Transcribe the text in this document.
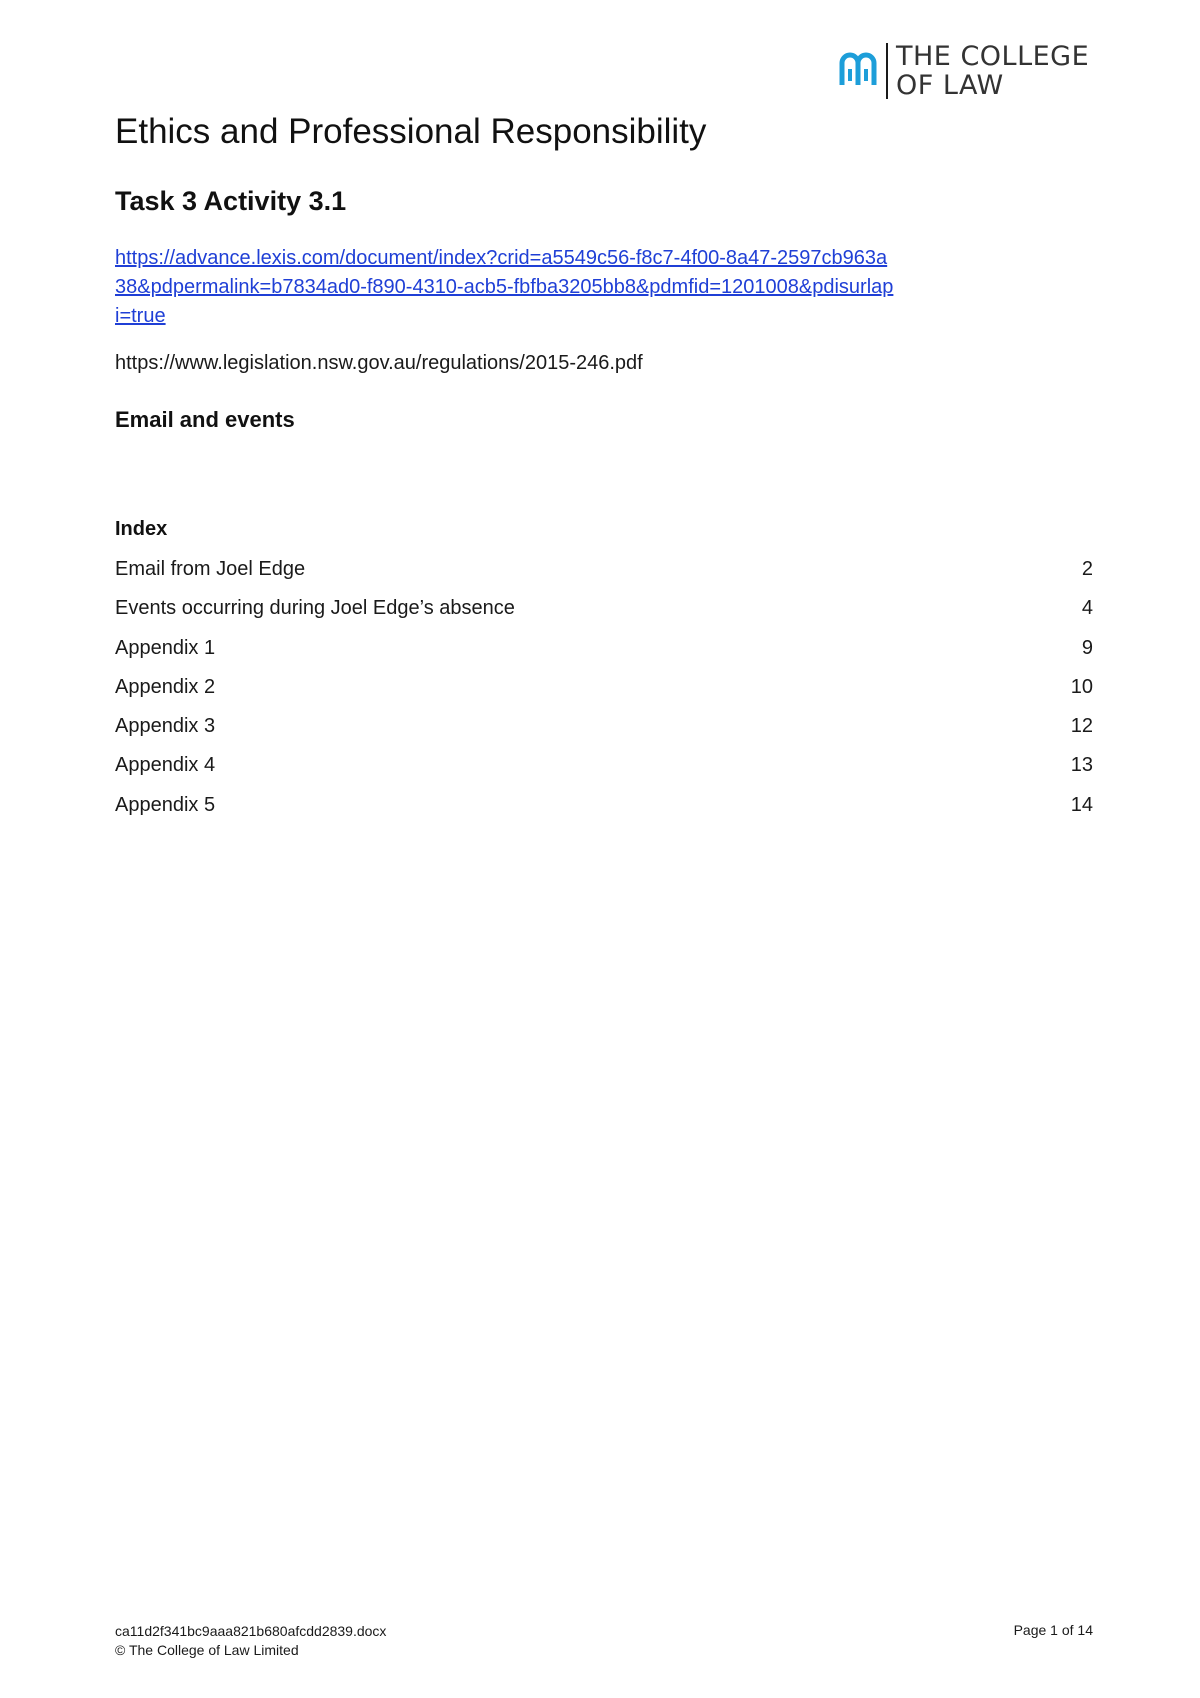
THE COLLEGE
OF LAW
Ethics and Professional Responsibility
Task 3 Activity 3.1
https://advance.lexis.com/document/index?crid=a5549c56-f8c7-4f00-8a47-2597cb963a38&pdpermalink=b7834ad0-f890-4310-acb5-fbfba3205bb8&pdmfid=1201008&pdisurlapi=true
https://www.legislation.nsw.gov.au/regulations/2015-246.pdf
Email and events
Index
Email from Joel Edge	2
Events occurring during Joel Edge’s absence	4
Appendix 1	9
Appendix 2	10
Appendix 3	12
Appendix 4	13
Appendix 5	14
ca11d2f341bc9aaa821b680afcdd2839.docx
© The College of Law Limited
Page 1 of 14
